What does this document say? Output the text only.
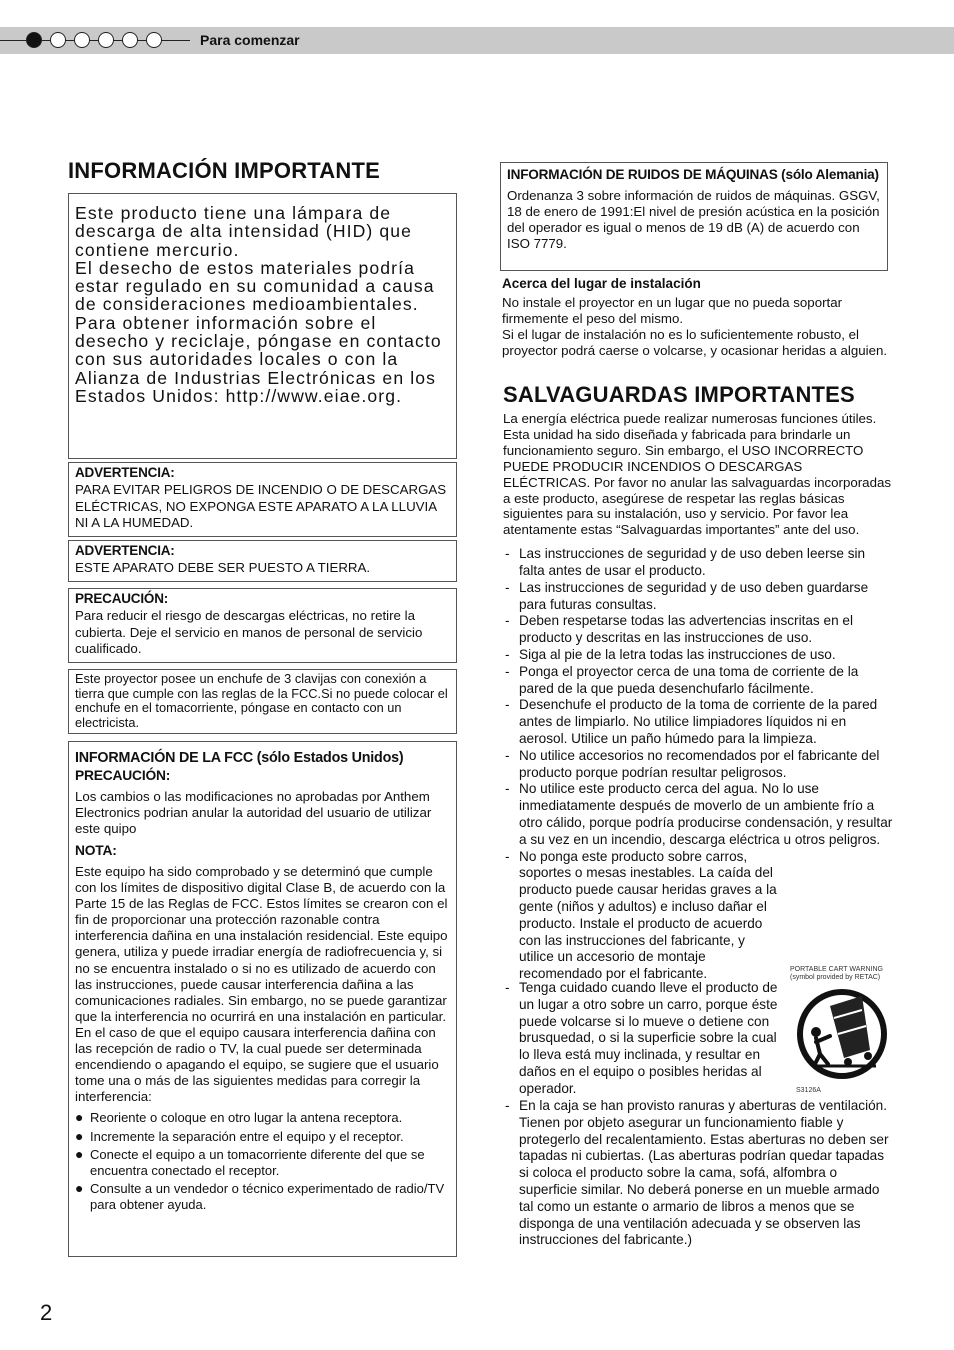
Para comenzar
INFORMACIÓN IMPORTANTE

Este producto tiene una lámpara de descarga de alta intensidad (HID) que contiene mercurio.

El desecho de estos materiales podría estar regulado en su comunidad a causa de consideraciones medioambientales. Para obtener información sobre el desecho y reciclaje, póngase en contacto con sus autoridades locales o con la Alianza de Industrias Electrónicas en los Estados Unidos: http://www.eiae.org.

ADVERTENCIA:

PARA EVITAR PELIGROS DE INCENDIO O DE DESCARGAS ELÉCTRICAS, NO EXPONGA ESTE APARATO A LA LLUVIA NI A LA HUMEDAD.

ADVERTENCIA:

ESTE APARATO DEBE SER PUESTO A TIERRA.

PRECAUCIÓN:

Para reducir el riesgo de descargas eléctricas, no retire la cubierta. Deje el servicio en manos de personal de servicio cualificado.

Este proyector posee un enchufe de 3 clavijas con conexión a tierra que cumple con las reglas de la FCC.Si no puede colocar el enchufe en el tomacorriente, póngase en contacto con un electricista.

INFORMACIÓN DE LA FCC (sólo Estados Unidos)

PRECAUCIÓN:

Los cambios o las modificaciones no aprobadas por Anthem Electronics podrian anular la autoridad del usuario de utilizar este quipo

NOTA:

Este equipo ha sido comprobado y se determinó que cumple con los límites de dispositivo digital Clase B, de acuerdo con la Parte 15 de las Reglas de FCC. Estos límites se crearon con el fin de proporcionar una protección razonable contra interferencia dañina en una instalación residencial. Este equipo genera, utiliza y puede irradiar energía de radiofrecuencia y, si no se encuentra instalado o si no es utilizado de acuerdo con las instrucciones, puede causar interferencia dañina a las comunicaciones radiales. Sin embargo, no se puede garantizar que la interferencia no ocurrirá en una instalación en particular. En el caso de que el equipo causara interferencia dañina con las recepción de radio o TV, la cual puede ser determinada encendiendo o apagando el equipo, se sugiere que el usuario tome una o más de las siguientes medidas para corregir la interferencia:

● Reoriente o coloque en otro lugar la antena receptora.
● Incremente la separación entre el equipo y el receptor.
● Conecte el equipo a un tomacorriente diferente del que se encuentra conectado el receptor.
● Consulte a un vendedor o técnico experimentado de radio/TV para obtener ayuda.

INFORMACIÓN DE RUIDOS DE MÁQUINAS (sólo Alemania)

Ordenanza 3 sobre información de ruidos de máquinas. GSGV, 18 de enero de 1991:El nivel de presión acústica en la posición del operador es igual o menos de 19 dB (A) de acuerdo con ISO 7779.

Acerca del lugar de instalación

No instale el proyector en un lugar que no pueda soportar firmemente el peso del mismo.

Si el lugar de instalación no es lo suficientemente robusto, el proyector podrá caerse o volcarse, y ocasionar heridas a alguien.

SALVAGUARDAS IMPORTANTES

La energía eléctrica puede realizar numerosas funciones útiles. Esta unidad ha sido diseñada y fabricada para brindarle un funcionamiento seguro. Sin embargo, el USO INCORRECTO PUEDE PRODUCIR INCENDIOS O DESCARGAS ELÉCTRICAS. Por favor no anular las salvaguardas incorporadas a este producto, asegúrese de respetar las reglas básicas siguientes para su instalación, uso y servicio. Por favor lea atentamente estas “Salvaguardas importantes” ante del uso.

- Las instrucciones de seguridad y de uso deben leerse sin falta antes de usar el producto.
- Las instrucciones de seguridad y de uso deben guardarse para futuras consultas.
- Deben respetarse todas las advertencias inscritas en el producto y descritas en las instrucciones de uso.
- Siga al pie de la letra todas las instrucciones de uso.
- Ponga el proyector cerca de una toma de corriente de la pared de la que pueda desenchufarlo fácilmente.
- Desenchufe el producto de la toma de corriente de la pared antes de limpiarlo. No utilice limpiadores líquidos ni en aerosol. Utilice un paño húmedo para la limpieza.
- No utilice accesorios no recomendados por el fabricante del producto porque podrían resultar peligrosos.
- No utilice este producto cerca del agua. No lo use inmediatamente después de moverlo de un ambiente frío a otro cálido, porque podría producirse condensación, y resultar a su vez en un incendio, descarga eléctrica u otros peligros.
- No ponga este producto sobre carros, soportes o mesas inestables. La caída del producto puede causar heridas graves a la gente (niños y adultos) e incluso dañar el producto. Instale el producto de acuerdo con las instrucciones del fabricante, y utilice un accesorio de montaje recomendado por el fabricante.
- Tenga cuidado cuando lleve el producto de un lugar a otro sobre un carro, porque éste puede volcarse si lo mueve o detiene con brusquedad, o si la superficie sobre la cual lo lleva está muy inclinada, y resultar en daños en el equipo o posibles heridas al operador.
PORTABLE CART WARNING
(symbol provided by RETAC)
S3126A
- En la caja se han provisto ranuras y aberturas de ventilación. Tienen por objeto asegurar un funcionamiento fiable y protegerlo del recalentamiento. Estas aberturas no deben ser tapadas ni cubiertas. (Las aberturas podrían quedar tapadas si coloca el producto sobre la cama, sofá, alfombra o superficie similar. No deberá ponerse en un mueble armado tal como un estante o armario de libros a menos que se disponga de una ventilación adecuada y se observen las instrucciones del fabricante.)
2
